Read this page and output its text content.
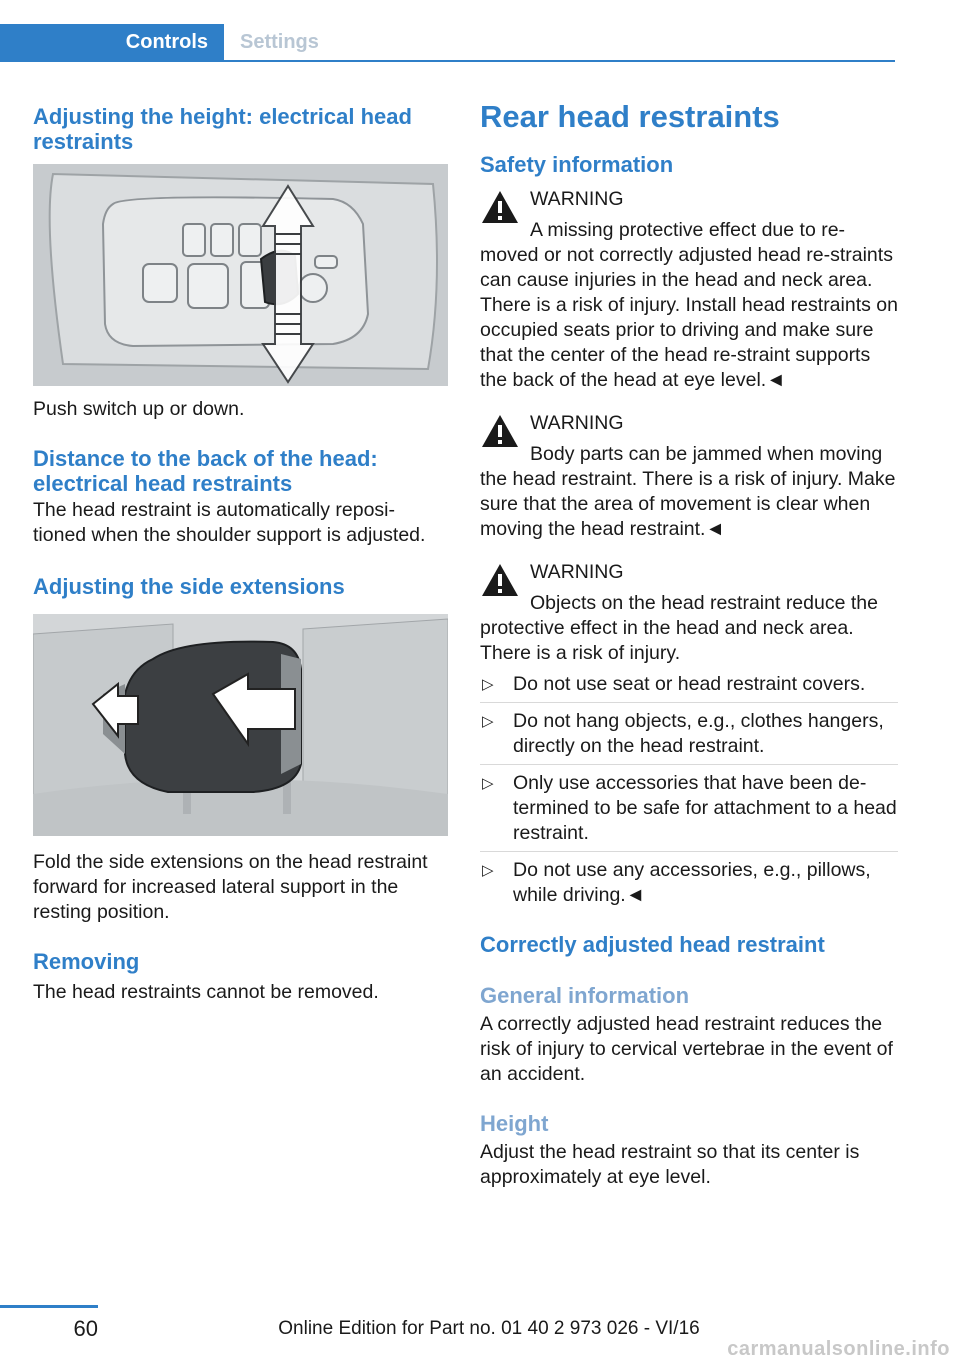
Controls	Settings
Adjusting the height: electrical head restraints

Push switch up or down.

Distance to the back of the head: electrical head restraints

The head restraint is automatically reposi-tioned when the shoulder support is adjusted.

Adjusting the side extensions

Fold the side extensions on the head restraint forward for increased lateral support in the resting position.

Removing

The head restraints cannot be removed.

Rear head restraints
Safety information
WARNING
A missing protective effect due to re-moved or not correctly adjusted head re-straints can cause injuries in the head and neck area. There is a risk of injury. Install head restraints on occupied seats prior to driving and make sure that the center of the head re-straint supports the back of the head at eye level.◄
WARNING
Body parts can be jammed when moving the head restraint. There is a risk of injury. Make sure that the area of movement is clear when moving the head restraint.◄
WARNING
Objects on the head restraint reduce the protective effect in the head and neck area. There is a risk of injury.
▷ Do not use seat or head restraint covers.
▷ Do not hang objects, e.g., clothes hangers, directly on the head restraint.
▷ Only use accessories that have been de-termined to be safe for attachment to a head restraint.
▷ Do not use any accessories, e.g., pillows, while driving.◄
Correctly adjusted head restraint
General information

A correctly adjusted head restraint reduces the risk of injury to cervical vertebrae in the event of an accident.

Height

Adjust the head restraint so that its center is approximately at eye level.

60	Online Edition for Part no. 01 40 2 973 026 - VI/16
carmanualsonline.info
